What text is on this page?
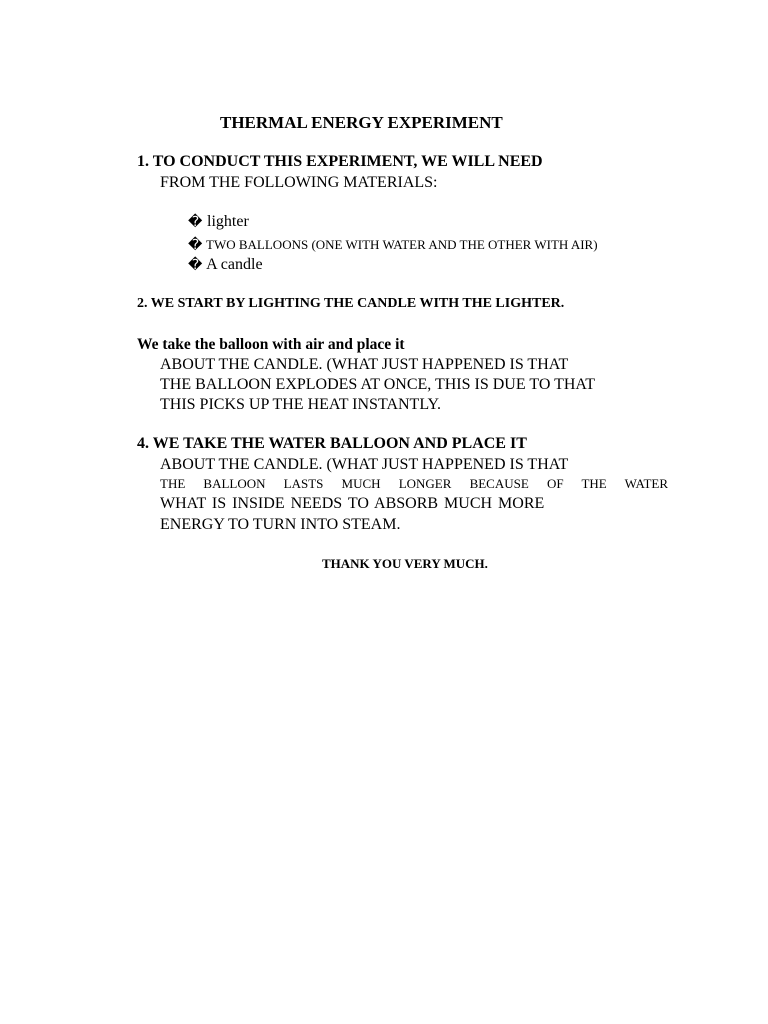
THERMAL ENERGY EXPERIMENT

1. TO CONDUCT THIS EXPERIMENT, WE WILL NEED

FROM THE FOLLOWING MATERIALS:

� lighter

� TWO BALLOONS (ONE WITH WATER AND THE OTHER WITH AIR)

� A candle

2. WE START BY LIGHTING THE CANDLE WITH THE LIGHTER.

We take the balloon with air and place it

ABOUT THE CANDLE. (WHAT JUST HAPPENED IS THAT

THE BALLOON EXPLODES AT ONCE, THIS IS DUE TO THAT

THIS PICKS UP THE HEAT INSTANTLY.

4. WE TAKE THE WATER BALLOON AND PLACE IT

ABOUT THE CANDLE. (WHAT JUST HAPPENED IS THAT

THE BALLOON LASTS MUCH LONGER BECAUSE OF THE WATER

WHAT IS INSIDE NEEDS TO ABSORB MUCH MORE

ENERGY TO TURN INTO STEAM.

THANK YOU VERY MUCH.
